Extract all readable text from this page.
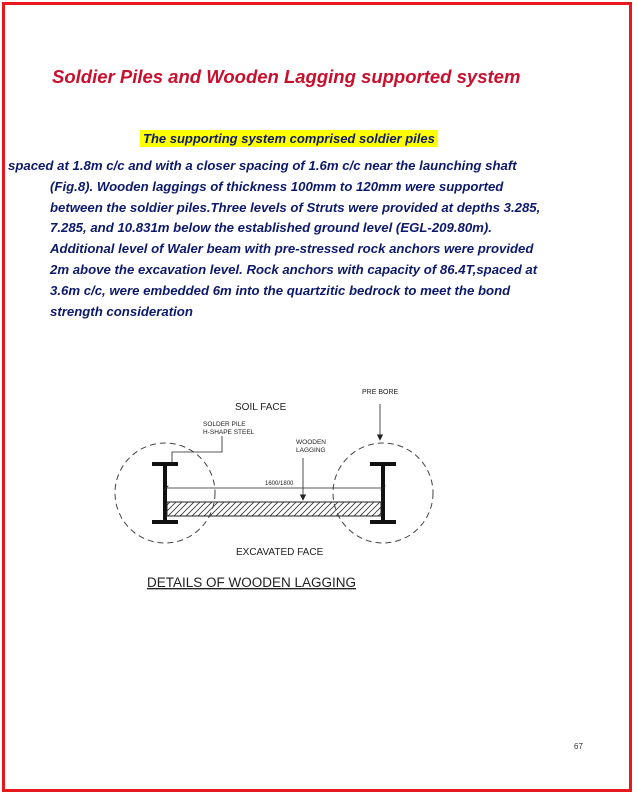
Soldier Piles and Wooden Lagging supported system
The supporting system comprised soldier piles

spaced at 1.8m c/c and with a closer spacing of 1.6m c/c near the launching shaft
(Fig.8). Wooden laggings of thickness 100mm to 120mm were supported
between the soldier piles.Three levels of Struts were provided at depths 3.285,
7.285, and 10.831m below the established ground level (EGL-209.80m).
Additional level of Waler beam with pre-stressed rock anchors were provided
2m above the excavation level. Rock anchors with capacity of 86.4T,spaced at
3.6m c/c, were embedded 6m into the quartzitic bedrock to meet the bond
strength consideration

1600/1800
SOIL FACE
PRE BORE
SOLDER PILE
H-SHAPE STEEL
WOODEN
LAGGING
EXCAVATED FACE
DETAILS OF WOODEN LAGGING
67
